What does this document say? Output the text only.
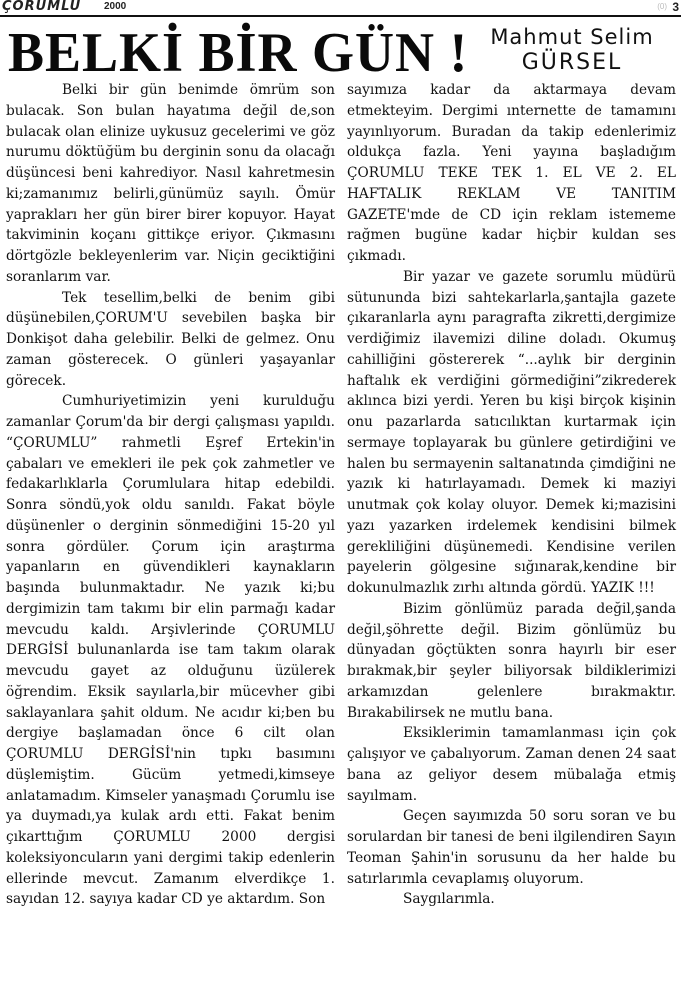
ÇORUMLU 2000	(0) 3
BELKİ BİR GÜN !	Mahmut Selim
GÜRSEL

Belki bir gün benimde ömrüm son bulacak. Son bulan hayatıma değil de,son bulacak olan elinize uykusuz gecelerimi ve göz nurumu döktüğüm bu derginin sonu da olacağı düşüncesi beni kahrediyor. Nasıl kahretmesin ki;zamanımız belirli,günümüz sayılı. Ömür yaprakları her gün birer birer kopuyor. Hayat takviminin koçanı gittikçe eriyor. Çıkmasını dörtgözle bekleyenlerim var. Niçin geciktiğini soranlarım var.

Tek tesellim,belki de benim gibi düşünebilen,ÇORUM'U sevebilen başka bir Donkişot daha gelebilir. Belki de gelmez. Onu zaman gösterecek. O günleri yaşayanlar görecek.

Cumhuriyetimizin yeni kurulduğu zamanlar Çorum'da bir dergi çalışması yapıldı. “ÇORUMLU” rahmetli Eşref Ertekin'in çabaları ve emekleri ile pek çok zahmetler ve fedakarlıklarla Çorumlulara hitap edebildi. Sonra söndü,yok oldu sanıldı. Fakat böyle düşünenler o derginin sönmediğini 15-20 yıl sonra gördüler. Çorum için araştırma yapanların en güvendikleri kaynakların başında bulunmaktadır. Ne yazık ki;bu dergimizin tam takımı bir elin parmağı kadar mevcudu kaldı. Arşivlerinde ÇORUMLU DERGİSİ bulunanlarda ise tam takım olarak mevcudu gayet az olduğunu üzülerek öğrendim. Eksik sayılarla,bir mücevher gibi saklayanlara şahit oldum. Ne acıdır ki;ben bu dergiye başlamadan önce 6 cilt olan ÇORUMLU DERGİSİ'nin tıpkı basımını düşlemiştim. Gücüm yetmedi,kimseye anlatamadım. Kimseler yanaşmadı Çorumlu ise ya duymadı,ya kulak ardı etti. Fakat benim çıkarttığım ÇORUMLU 2000 dergisi koleksiyoncuların yani dergimi takip edenlerin ellerinde mevcut. Zamanım elverdikçe 1. sayıdan 12. sayıya kadar CD ye aktardım. Son

sayımıza kadar da aktarmaya devam etmekteyim. Dergimi ınternette de tamamını yayınlıyorum. Buradan da takip edenlerimiz oldukça fazla. Yeni yayına başladığım ÇORUMLU TEKE TEK 1. EL VE 2. EL HAFTALIK REKLAM VE TANITIM GAZETE'mde de CD için reklam istememe rağmen bugüne kadar hiçbir kuldan ses çıkmadı.

Bir yazar ve gazete sorumlu müdürü sütununda bizi sahtekarlarla,şantajla gazete çıkaranlarla aynı paragrafta zikretti,dergimize verdiğimiz ilavemizi diline doladı. Okumuş cahilliğini göstererek “...aylık bir derginin haftalık ek verdiğini görmediğini”zikrederek aklınca bizi yerdi. Yeren bu kişi birçok kişinin onu pazarlarda satıcılıktan kurtarmak için sermaye toplayarak bu günlere getirdiğini ve halen bu sermayenin saltanatında çimdiğini ne yazık ki hatırlayamadı. Demek ki maziyi unutmak çok kolay oluyor. Demek ki;mazisini yazı yazarken irdelemek kendisini bilmek gerekliliğini düşünemedi. Kendisine verilen payelerin gölgesine sığınarak,kendine bir dokunulmazlık zırhı altında gördü. YAZIK !!!

Bizim gönlümüz parada değil,şanda değil,şöhrette değil. Bizim gönlümüz bu dünyadan göçtükten sonra hayırlı bir eser bırakmak,bir şeyler biliyorsak bildiklerimizi arkamızdan gelenlere bırakmaktır. Bırakabilirsek ne mutlu bana.

Eksiklerimin tamamlanması için çok çalışıyor ve çabalıyorum. Zaman denen 24 saat bana az geliyor desem mübalağa etmiş sayılmam.

Geçen sayımızda 50 soru soran ve bu sorulardan bir tanesi de beni ilgilendiren Sayın Teoman Şahin'in sorusunu da her halde bu satırlarımla cevaplamış oluyorum.

Saygılarımla.
